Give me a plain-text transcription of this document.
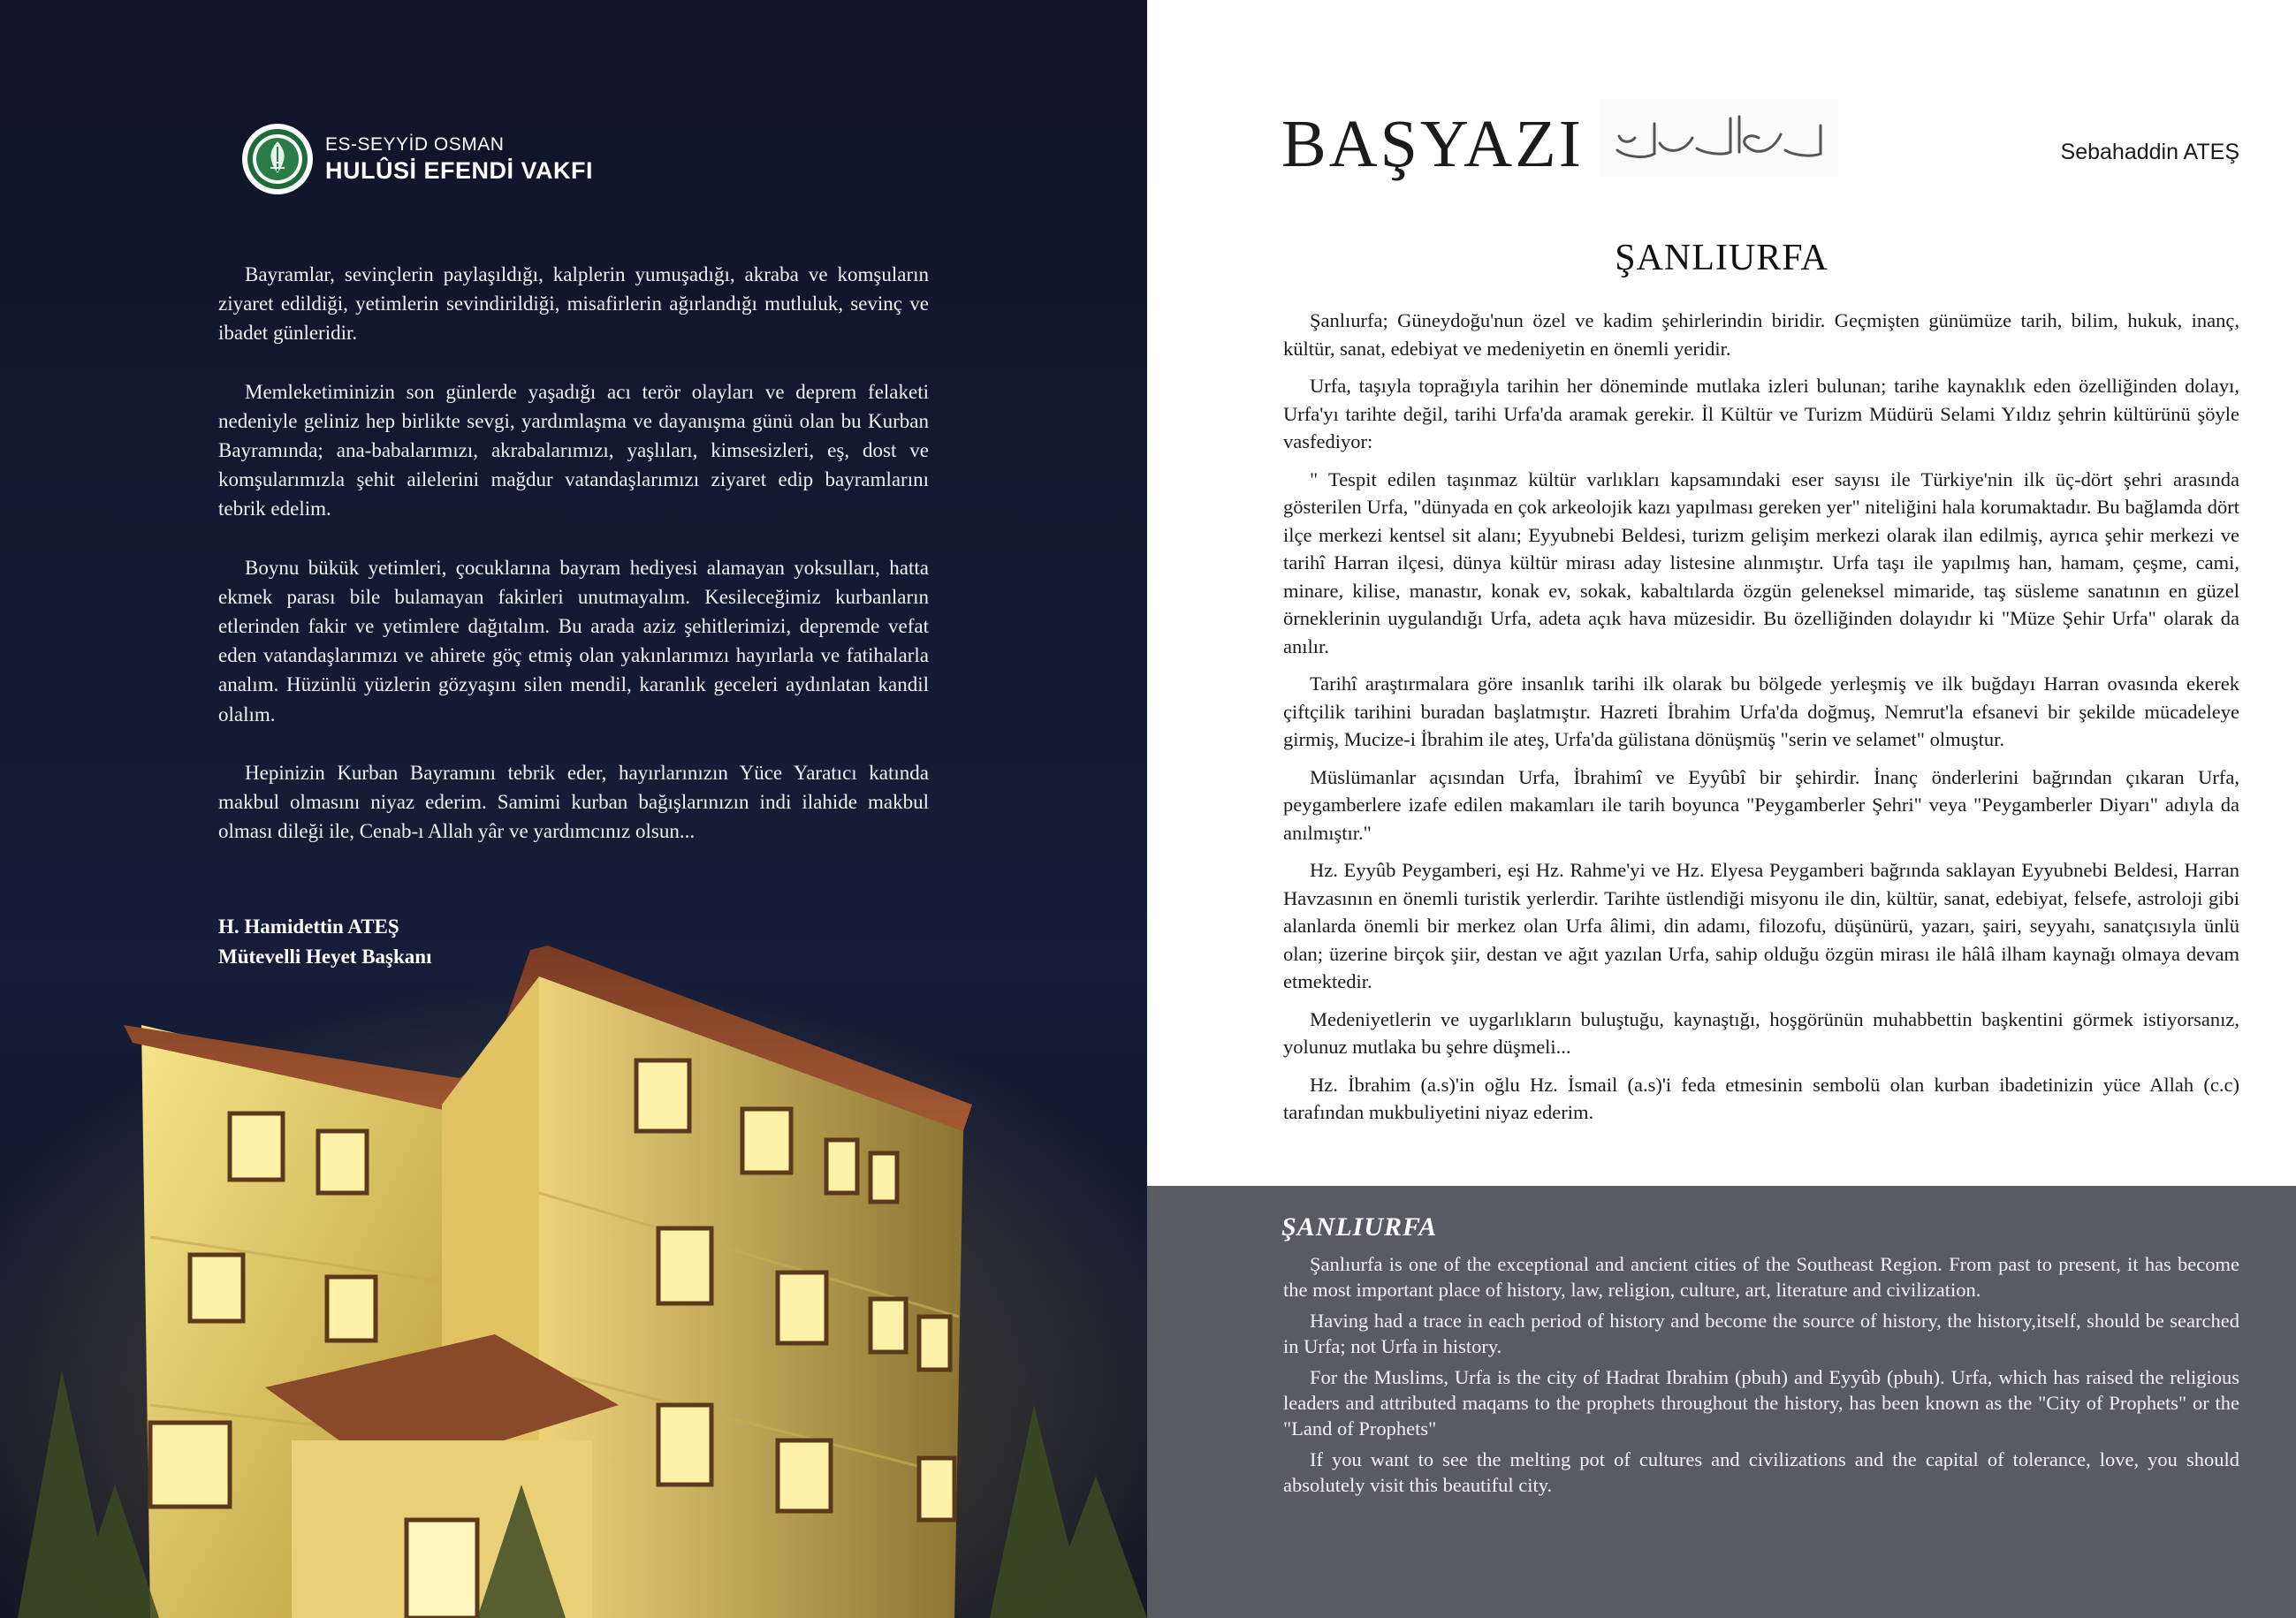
ES-SEYYİD OSMAN
HULÛSİ EFENDİ VAKFI

Bayramlar, sevinçlerin paylaşıldığı, kalplerin yumuşadığı, akraba ve komşuların ziyaret edildiği, yetimlerin sevindirildiği, misafirlerin ağırlandığı mutluluk, sevinç ve ibadet günleridir.

Memleketiminizin son günlerde yaşadığı acı terör olayları ve deprem felaketi nedeniyle geliniz hep birlikte sevgi, yardımlaşma ve dayanışma günü olan bu Kurban Bayramında; ana-babalarımızı, akrabalarımızı, yaşlıları, kimsesizleri, eş, dost ve komşularımızla şehit ailelerini mağdur vatandaşlarımızı ziyaret edip bayramlarını tebrik edelim.

Boynu bükük yetimleri, çocuklarına bayram hediyesi alamayan yoksulları, hatta ekmek parası bile bulamayan fakirleri unutmayalım. Kesileceğimiz kurbanların etlerinden fakir ve yetimlere dağıtalım. Bu arada aziz şehitlerimizi, depremde vefat eden vatandaşlarımızı ve ahirete göç etmiş olan yakınlarımızı hayırlarla ve fatihalarla analım. Hüzünlü yüzlerin gözyaşını silen mendil, karanlık geceleri aydınlatan kandil olalım.

Hepinizin Kurban Bayramını tebrik eder, hayırlarınızın Yüce Yaratıcı katında makbul olmasını niyaz ederim. Samimi kurban bağışlarınızın indi ilahide makbul olması dileği ile, Cenab-ı Allah yâr ve yardımcınız olsun...

BAŞYAZI	Sebahaddin ATEŞ
ŞANLIURFA

Şanlıurfa; Güneydoğu'nun özel ve kadim şehirlerindin biridir. Geçmişten günümüze tarih, bilim, hukuk, inanç, kültür, sanat, edebiyat ve medeniyetin en önemli yeridir.

Urfa, taşıyla toprağıyla tarihin her döneminde mutlaka izleri bulunan; tarihe kaynaklık eden özelliğinden dolayı, Urfa'yı tarihte değil, tarihi Urfa'da aramak gerekir. İl Kültür ve Turizm Müdürü Selami Yıldız şehrin kültürünü şöyle vasfediyor:

" Tespit edilen taşınmaz kültür varlıkları kapsamındaki eser sayısı ile Türkiye'nin ilk üç-dört şehri arasında gösterilen Urfa, "dünyada en çok arkeolojik kazı yapılması gereken yer" niteliğini hala korumaktadır. Bu bağlamda dört ilçe merkezi kentsel sit alanı; Eyyubnebi Beldesi, turizm gelişim merkezi olarak ilan edilmiş, ayrıca şehir merkezi ve tarihî Harran ilçesi, dünya kültür mirası aday listesine alınmıştır. Urfa taşı ile yapılmış han, hamam, çeşme, cami, minare, kilise, manastır, konak ev, sokak, kabaltılarda özgün geleneksel mimaride, taş süsleme sanatının en güzel örneklerinin uygulandığı Urfa, adeta açık hava müzesidir. Bu özelliğinden dolayıdır ki "Müze Şehir Urfa" olarak da anılır.

Tarihî araştırmalara göre insanlık tarihi ilk olarak bu bölgede yerleşmiş ve ilk buğdayı Harran ovasında ekerek çiftçilik tarihini buradan başlatmıştır. Hazreti İbrahim Urfa'da doğmuş, Nemrut'la efsanevi bir şekilde mücadeleye girmiş, Mucize-i İbrahim ile ateş, Urfa'da gülistana dönüşmüş "serin ve selamet" olmuştur.

Müslümanlar açısından Urfa, İbrahimî ve Eyyûbî bir şehirdir. İnanç önderlerini bağrından çıkaran Urfa, peygamberlere izafe edilen makamları ile tarih boyunca "Peygamberler Şehri" veya "Peygamberler Diyarı" adıyla da anılmıştır."

Hz. Eyyûb Peygamberi, eşi Hz. Rahme'yi ve Hz. Elyesa Peygamberi bağrında saklayan Eyyubnebi Beldesi, Harran Havzasının en önemli turistik yerlerdir. Tarihte üstlendiği misyonu ile din, kültür, sanat, edebiyat, felsefe, astroloji gibi alanlarda önemli bir merkez olan Urfa âlimi, din adamı, filozofu, düşünürü, yazarı, şairi, seyyahı, sanatçısıyla ünlü olan; üzerine birçok şiir, destan ve ağıt yazılan Urfa, sahip olduğu özgün mirası ile hâlâ ilham kaynağı olmaya devam etmektedir.

Medeniyetlerin ve uygarlıkların buluştuğu, kaynaştığı, hoşgörünün muhabbettin başkentini görmek istiyorsanız, yolunuz mutlaka bu şehre düşmeli...

Hz. İbrahim (a.s)'in oğlu Hz. İsmail (a.s)'i feda etmesinin sembolü olan kurban ibadetinizin yüce Allah (c.c) tarafından mukbuliyetini niyaz ederim.

ŞANLIURFA

Şanlıurfa is one of the exceptional and ancient cities of the Southeast Region. From past to present, it has become the most important place of history, law, religion, culture, art, literature and civilization.

Having had a trace in each period of history and become the source of history, the history,itself, should be searched in Urfa; not Urfa in history.

For the Muslims, Urfa is the city of Hadrat Ibrahim (pbuh) and Eyyûb (pbuh). Urfa, which has raised the religious leaders and attributed maqams to the prophets throughout the history, has been known as the "City of Prophets" or the "Land of Prophets"

If you want to see the melting pot of cultures and civilizations and the capital of tolerance, love, you should absolutely visit this beautiful city.
